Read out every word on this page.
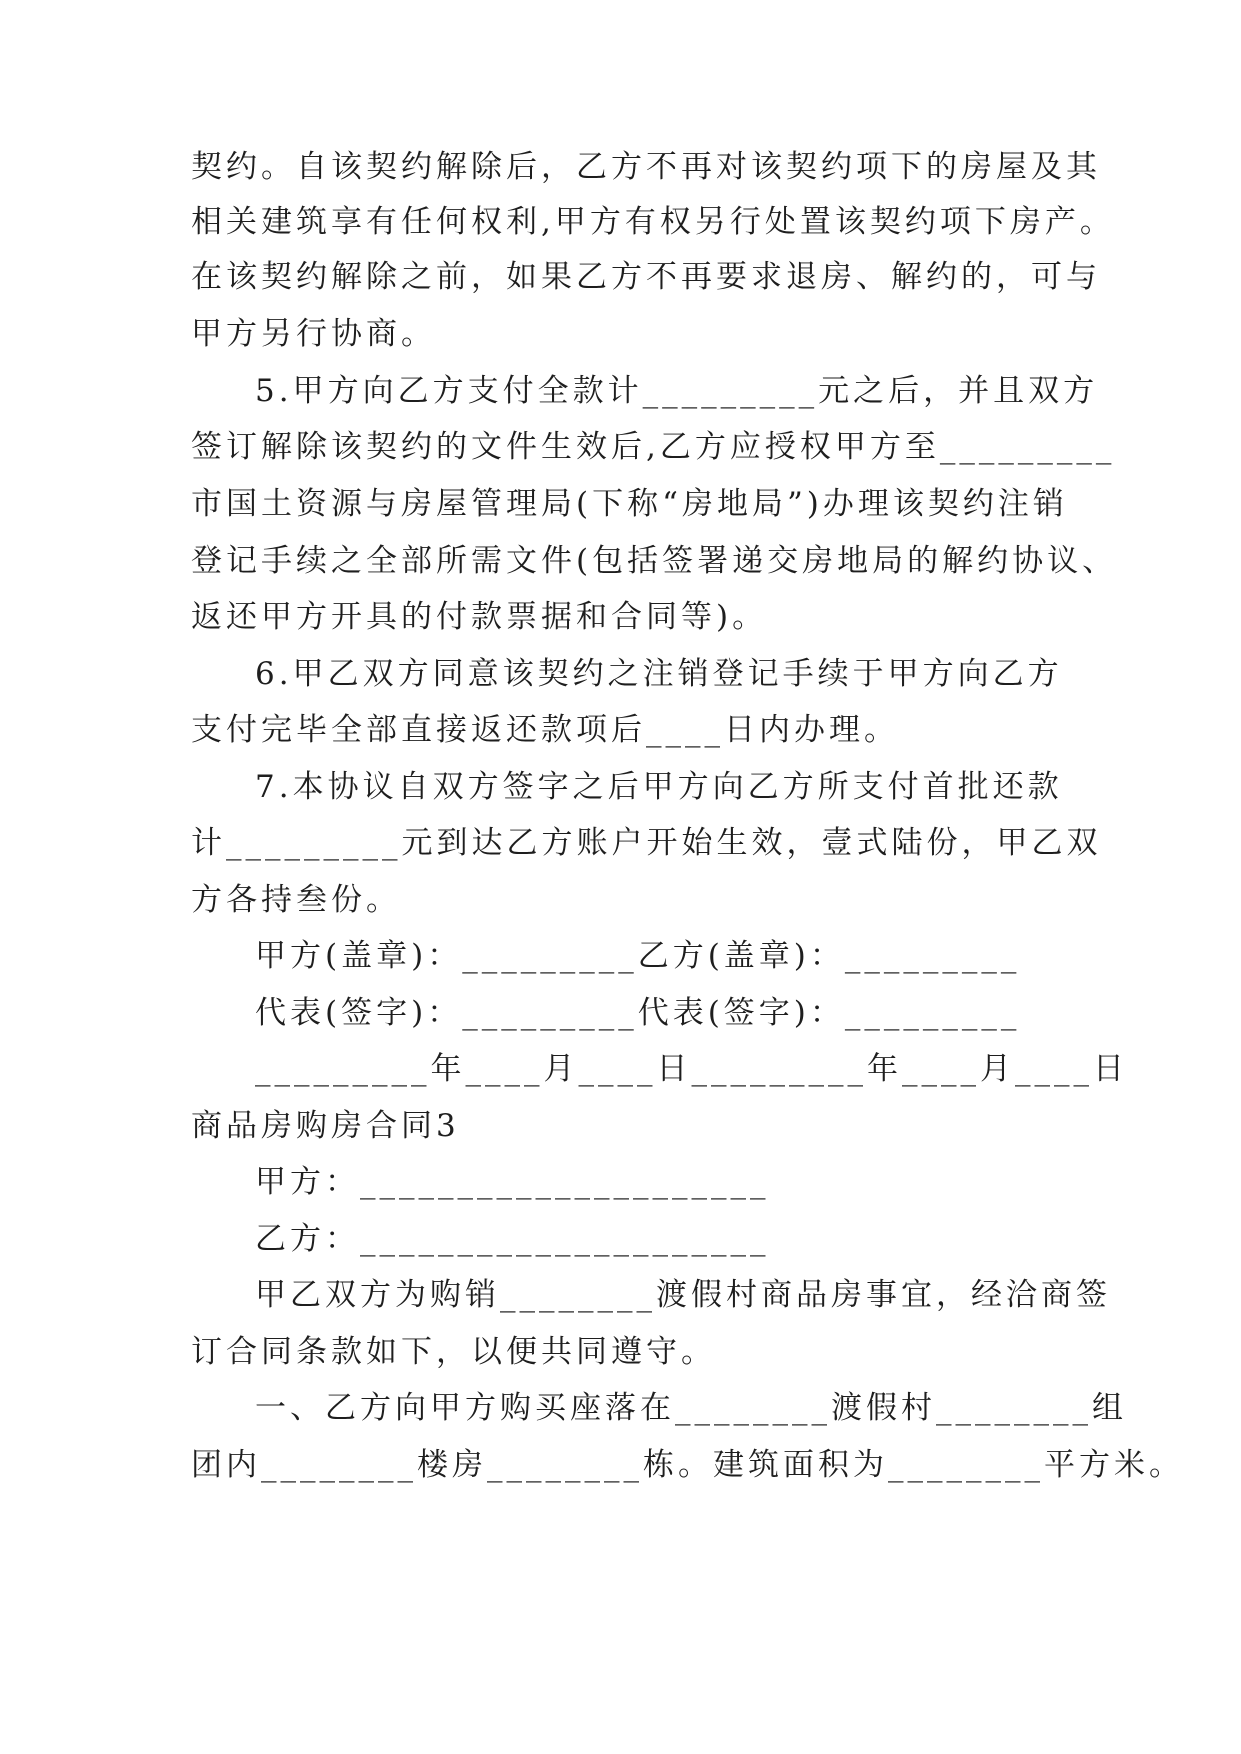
契约。自该契约解除后，乙方不再对该契约项下的房屋及其
相关建筑享有任何权利,甲方有权另行处置该契约项下房产。
在该契约解除之前，如果乙方不再要求退房、解约的，可与
甲方另行协商。
5.甲方向乙方支付全款计_________元之后，并且双方
签订解除该契约的文件生效后,乙方应授权甲方至_________
市国土资源与房屋管理局(下称“房地局”)办理该契约注销
登记手续之全部所需文件(包括签署递交房地局的解约协议、
返还甲方开具的付款票据和合同等)。
6.甲乙双方同意该契约之注销登记手续于甲方向乙方
支付完毕全部直接返还款项后____日内办理。
7.本协议自双方签字之后甲方向乙方所支付首批还款
计_________元到达乙方账户开始生效，壹式陆份，甲乙双
方各持叁份。
甲方(盖章)：_________乙方(盖章)：_________
代表(签字)：_________代表(签字)：_________
_________年____月____日_________年____月____日
商品房购房合同3
甲方：_____________________
乙方：_____________________
甲乙双方为购销________渡假村商品房事宜，经洽商签
订合同条款如下，以便共同遵守。
一、乙方向甲方购买座落在________渡假村________组
团内________楼房________栋。建筑面积为________平方米。
